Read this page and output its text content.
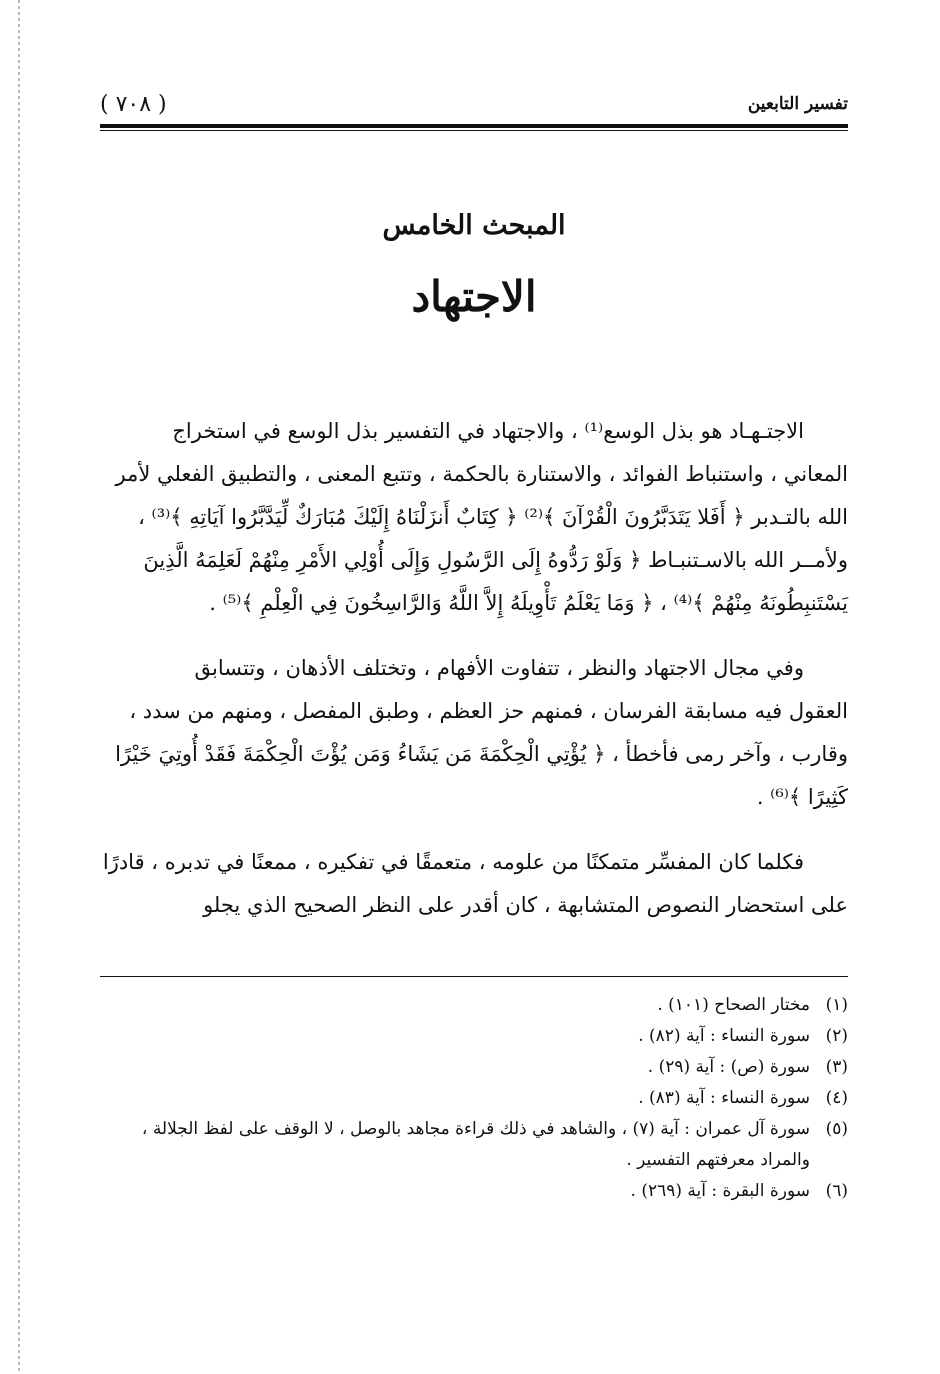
تفسير التابعين
( ٧٠٨ )
المبحث الخامس
الاجتهاد

الاجتـهـاد هو بذل الوسع⁽¹⁾ ، والاجتهاد في التفسير بذل الوسع في استخراج
المعاني ، واستنباط الفوائد ، والاستنارة بالحكمة ، وتتبع المعنى ، والتطبيق الفعلي لأمر
الله بالتـدبر ﴿ أَفَلا يَتَدَبَّرُونَ الْقُرْآنَ ﴾⁽²⁾ ﴿ كِتَابٌ أَنزَلْنَاهُ إِلَيْكَ مُبَارَكٌ لِّيَدَّبَّرُوا آيَاتِهِ ﴾⁽³⁾ ،
ولأمــر الله بالاسـتنبـاط ﴿ وَلَوْ رَدُّوهُ إِلَى الرَّسُولِ وَإِلَى أُوْلِي الأَمْرِ مِنْهُمْ لَعَلِمَهُ الَّذِينَ
يَسْتَنبِطُونَهُ مِنْهُمْ ﴾⁽⁴⁾ ، ﴿ وَمَا يَعْلَمُ تَأْوِيلَهُ إِلاَّ اللَّهُ وَالرَّاسِخُونَ فِي الْعِلْمِ ﴾⁽⁵⁾ .

وفي مجال الاجتهاد والنظر ، تتفاوت الأفهام ، وتختلف الأذهان ، وتتسابق
العقول فيه مسابقة الفرسان ، فمنهم حز العظم ، وطبق المفصل ، ومنهم من سدد ،
وقارب ، وآخر رمى فأخطأ ، ﴿ يُؤْتِي الْحِكْمَةَ مَن يَشَاءُ وَمَن يُؤْتَ الْحِكْمَةَ فَقَدْ أُوتِيَ خَيْرًا
كَثِيرًا ﴾⁽⁶⁾ .

فكلما كان المفسِّر متمكنًا من علومه ، متعمقًا في تفكيره ، ممعنًا في تدبره ، قادرًا
على استحضار النصوص المتشابهة ، كان أقدر على النظر الصحيح الذي يجلو

(١)
مختار الصحاح (١٠١) .
(٢)
سورة النساء : آية (٨٢) .
(٣)
سورة (ص) : آية (٢٩) .
(٤)
سورة النساء : آية (٨٣) .
(٥)
سورة آل عمران : آية (٧) ، والشاهد في ذلك قراءة مجاهد بالوصل ، لا الوقف على لفظ الجلالة ، والمراد معرفتهم التفسير .
(٦)
سورة البقرة : آية (٢٦٩) .
